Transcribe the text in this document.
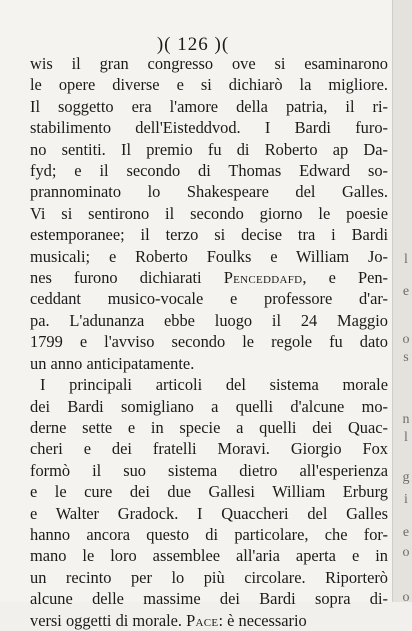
)( 126 )(
wis il gran congresso ove si esaminarono
le opere diverse e si dichiarò la migliore.
Il soggetto era l'amore della patria, il ri-
stabilimento dell'Eisteddvod. I Bardi furo-
no sentiti. Il premio fu di Roberto ap Da-
fyd; e il secondo di Thomas Edward so-
prannominato lo Shakespeare del Galles.
Vi si sentirono il secondo giorno le poesie
estemporanee; il terzo si decise tra i Bardi
musicali; e Roberto Foulks e William Jo-
nes furono dichiarati Penceddafd, e Pen-
ceddant musico-vocale e professore d'ar-
pa. L'adunanza ebbe luogo il 24 Maggio
1799 e l'avviso secondo le regole fu dato
un anno anticipatamente.
I principali articoli del sistema morale
dei Bardi somigliano a quelli d'alcune mo-
derne sette e in specie a quelli dei Quac-
cheri e dei fratelli Moravi. Giorgio Fox
formò il suo sistema dietro all'esperienza
e le cure dei due Gallesi William Erburg
e Walter Gradock. I Quaccheri del Galles
hanno ancora questo di particolare, che for-
mano le loro assemblee all'aria aperta e in
un recinto per lo più circolare. Riporterò
alcune delle massime dei Bardi sopra di-
versi oggetti di morale. Pace: è necessario
l
e
o
s
n
l
g
i
e
o
o
